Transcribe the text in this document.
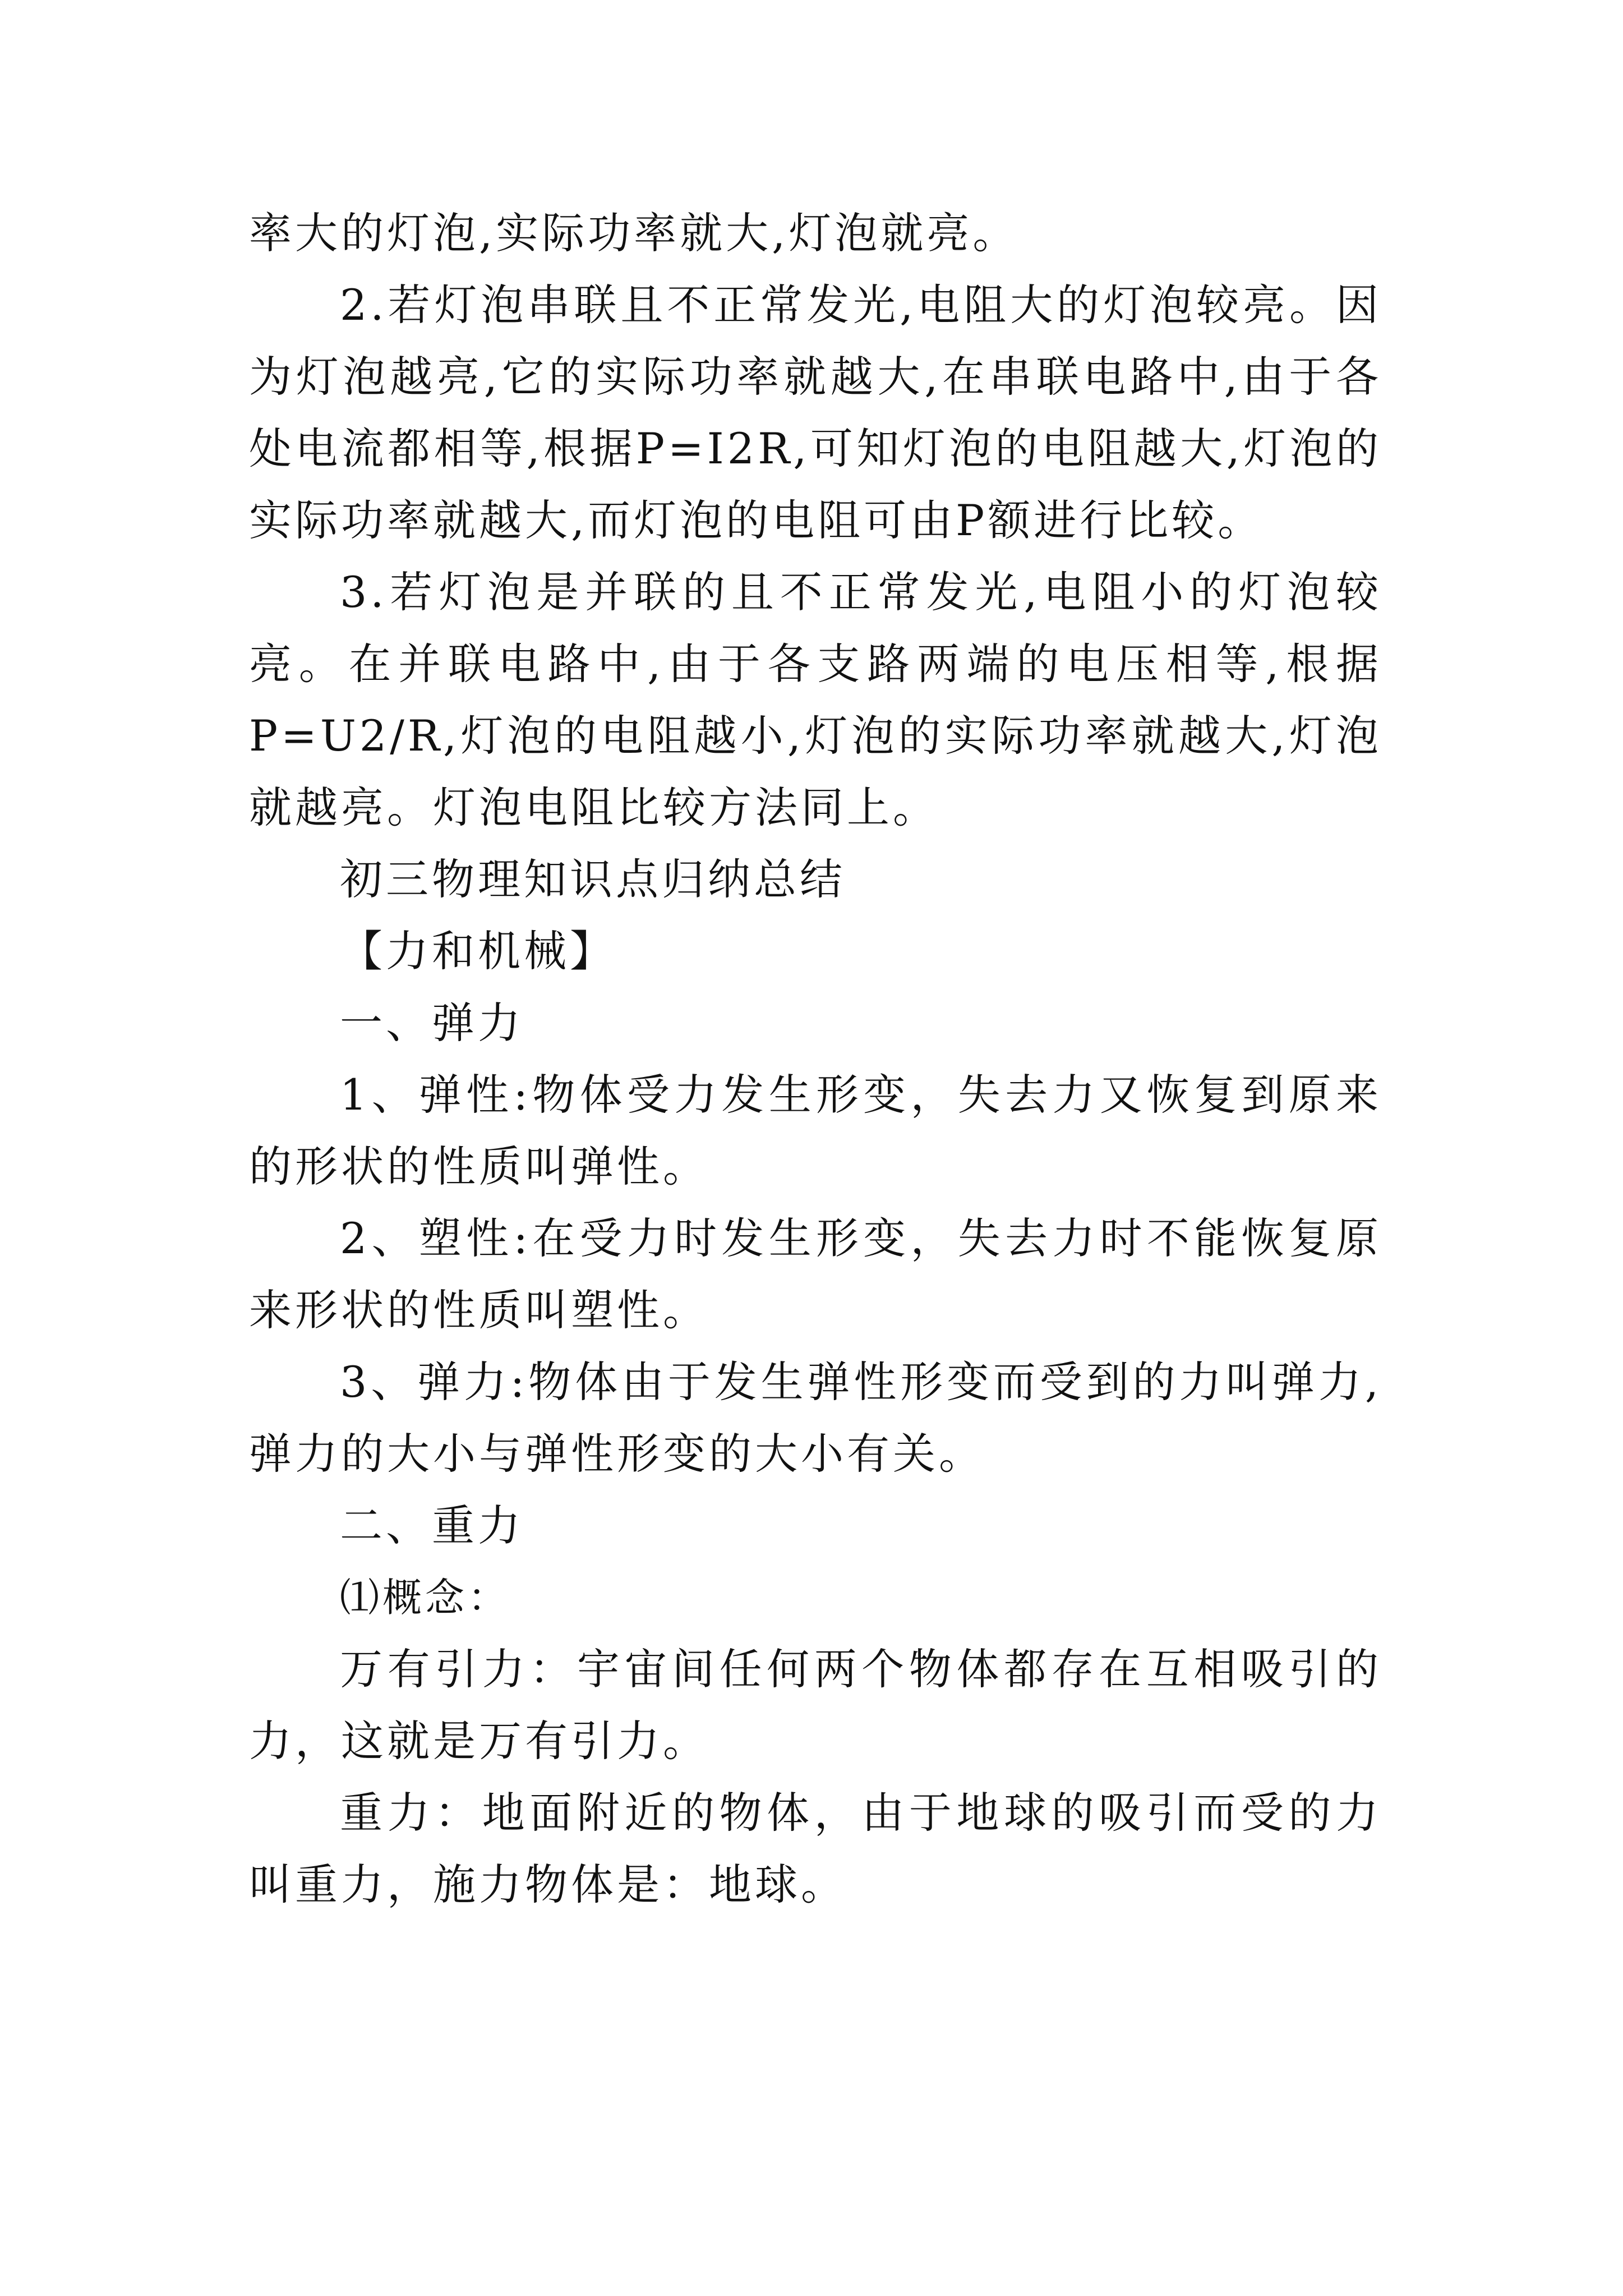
率大的灯泡,实际功率就大,灯泡就亮。

2.若灯泡串联且不正常发光,电阻大的灯泡较亮。因为灯泡越亮,它的实际功率就越大,在串联电路中,由于各处电流都相等,根据P=I2R,可知灯泡的电阻越大,灯泡的实际功率就越大,而灯泡的电阻可由P额进行比较。

3.若灯泡是并联的且不正常发光,电阻小的灯泡较亮。在并联电路中,由于各支路两端的电压相等,根据P=U2/R,灯泡的电阻越小,灯泡的实际功率就越大,灯泡就越亮。灯泡电阻比较方法同上。

初三物理知识点归纳总结

【力和机械】

一、弹力

1、弹性:物体受力发生形变，失去力又恢复到原来的形状的性质叫弹性。

2、塑性:在受力时发生形变，失去力时不能恢复原来形状的性质叫塑性。

3、弹力:物体由于发生弹性形变而受到的力叫弹力,弹力的大小与弹性形变的大小有关。

二、重力

⑴概念：

万有引力：宇宙间任何两个物体都存在互相吸引的力，这就是万有引力。

重力：地面附近的物体，由于地球的吸引而受的力叫重力，施力物体是：地球。
